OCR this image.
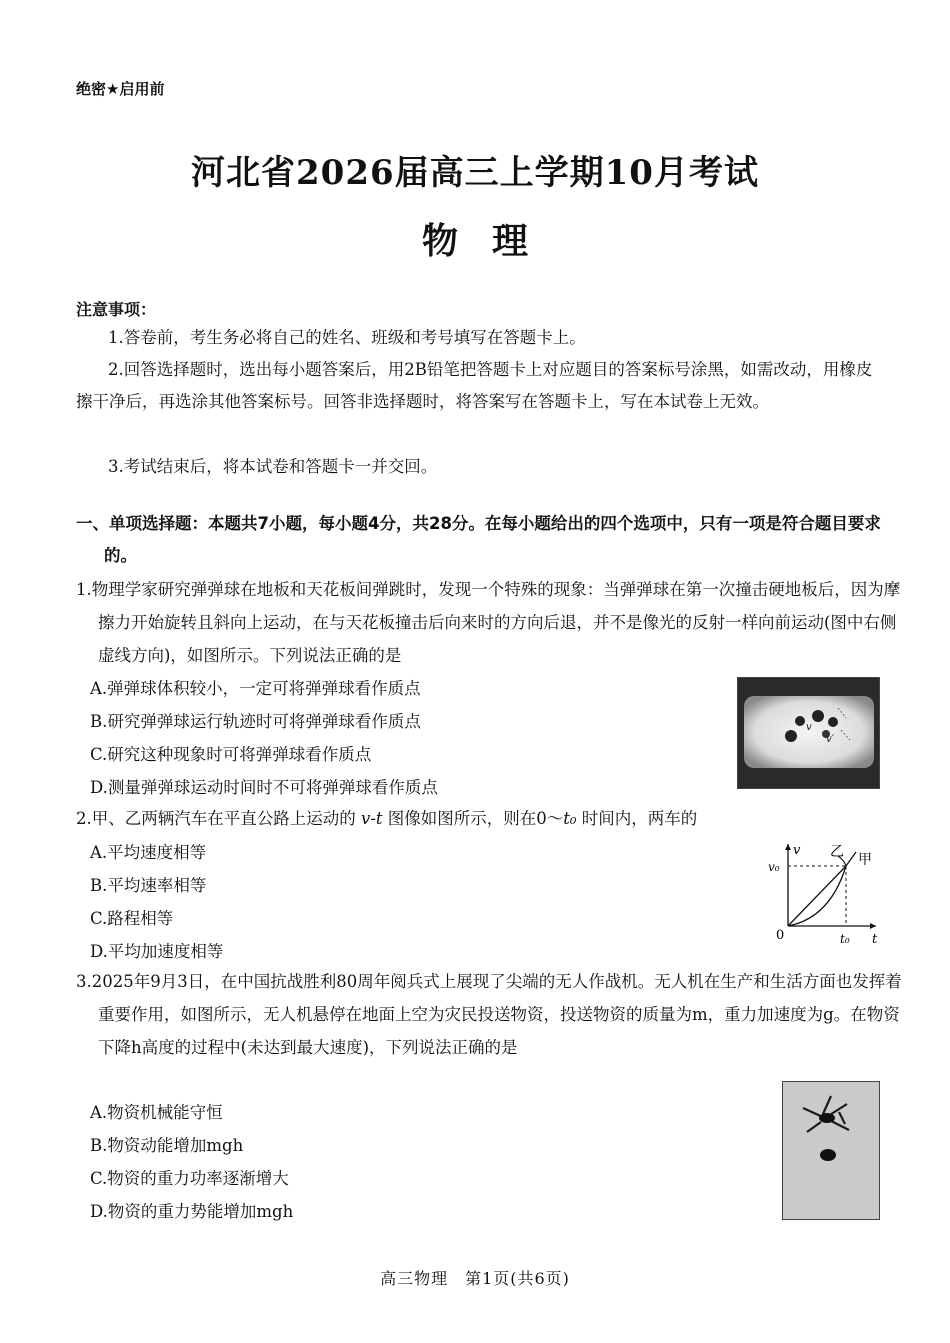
绝密★启用前
河北省2026届高三上学期10月考试
物理
注意事项：
1.答卷前，考生务必将自己的姓名、班级和考号填写在答题卡上。
2.回答选择题时，选出每小题答案后，用2B铅笔把答题卡上对应题目的答案标号涂黑，如需改动，用橡皮擦干净后，再选涂其他答案标号。回答非选择题时，将答案写在答题卡上，写在本试卷上无效。
3.考试结束后，将本试卷和答题卡一并交回。
一、单项选择题：本题共7小题，每小题4分，共28分。在每小题给出的四个选项中，只有一项是符合题目要求的。
1.物理学家研究弹弹球在地板和天花板间弹跳时，发现一个特殊的现象：当弹弹球在第一次撞击硬地板后，因为摩擦力开始旋转且斜向上运动，在与天花板撞击后向来时的方向后退，并不是像光的反射一样向前运动(图中右侧虚线方向)，如图所示。下列说法正确的是
A.弹弹球体积较小，一定可将弹弹球看作质点
B.研究弹弹球运行轨迹时可将弹弹球看作质点
C.研究这种现象时可将弹弹球看作质点
D.测量弹弹球运动时间时不可将弹弹球看作质点
v
v′
2.甲、乙两辆汽车在平直公路上运动的 v-t 图像如图所示，则在0～t₀ 时间内，两车的
A.平均速度相等
B.平均速率相等
C.路程相等
D.平均加速度相等
v
t
0
v₀
t₀
乙 甲
3.2025年9月3日，在中国抗战胜利80周年阅兵式上展现了尖端的无人作战机。无人机在生产和生活方面也发挥着重要作用，如图所示，无人机悬停在地面上空为灾民投送物资，投送物资的质量为m，重力加速度为g。在物资下降h高度的过程中(未达到最大速度)，下列说法正确的是
A.物资机械能守恒
B.物资动能增加mgh
C.物资的重力功率逐渐增大
D.物资的重力势能增加mgh
高三物理　第1页(共6页)
